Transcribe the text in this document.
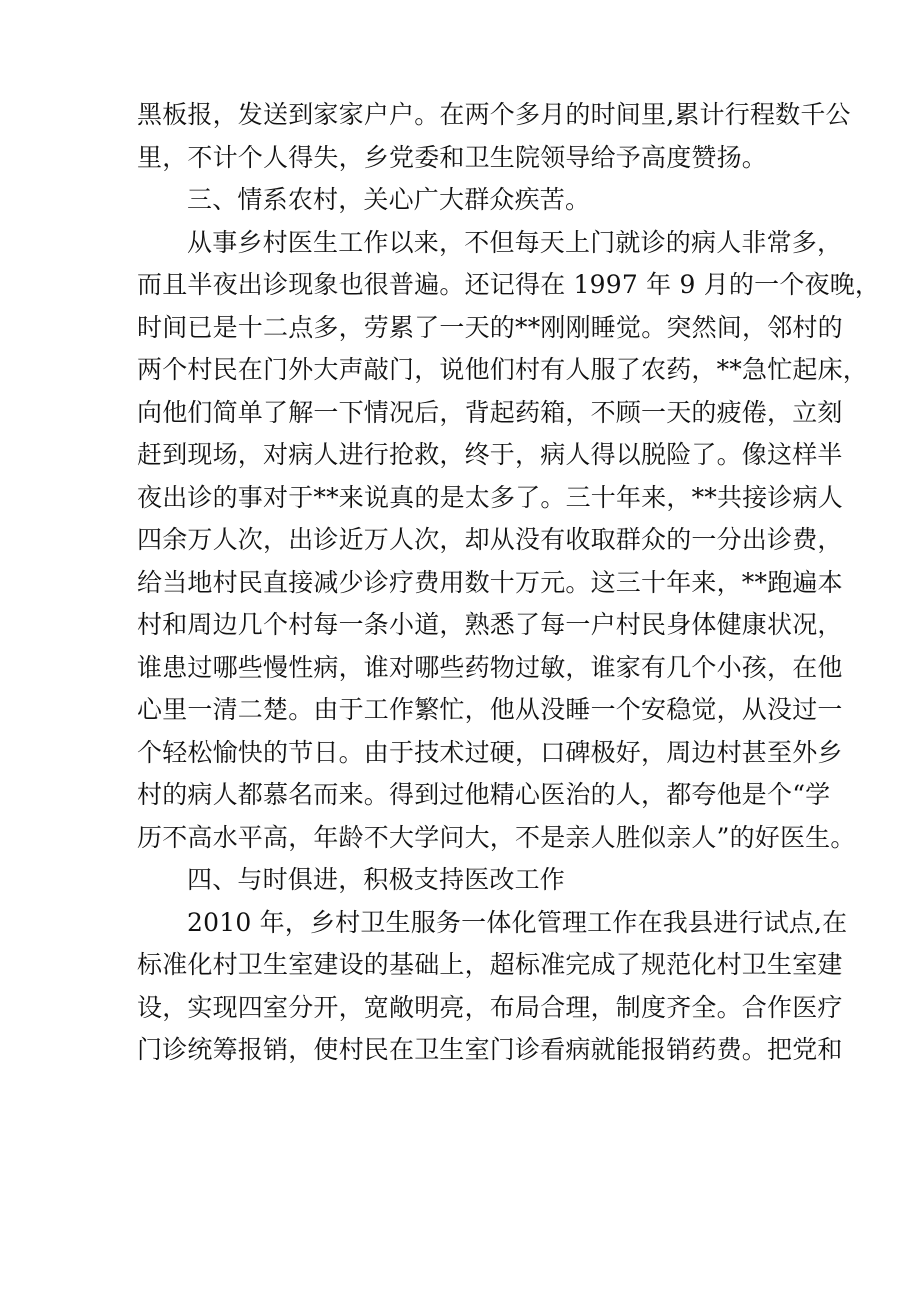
黑板报，发送到家家户户。在两个多月的时间里,累计行程数千公
里，不计个人得失，乡党委和卫生院领导给予高度赞扬。
三、情系农村，关心广大群众疾苦。
从事乡村医生工作以来，不但每天上门就诊的病人非常多，
而且半夜出诊现象也很普遍。还记得在 1997 年 9 月的一个夜晚，
时间已是十二点多，劳累了一天的**刚刚睡觉。突然间，邻村的
两个村民在门外大声敲门，说他们村有人服了农药，**急忙起床，
向他们简单了解一下情况后，背起药箱，不顾一天的疲倦，立刻
赶到现场，对病人进行抢救，终于，病人得以脱险了。像这样半
夜出诊的事对于**来说真的是太多了。三十年来，**共接诊病人
四余万人次，出诊近万人次，却从没有收取群众的一分出诊费，
给当地村民直接减少诊疗费用数十万元。这三十年来，**跑遍本
村和周边几个村每一条小道，熟悉了每一户村民身体健康状况，
谁患过哪些慢性病，谁对哪些药物过敏，谁家有几个小孩，在他
心里一清二楚。由于工作繁忙，他从没睡一个安稳觉，从没过一
个轻松愉快的节日。由于技术过硬，口碑极好，周边村甚至外乡
村的病人都慕名而来。得到过他精心医治的人，都夸他是个“学
历不高水平高，年龄不大学问大，不是亲人胜似亲人”的好医生。
四、与时俱进，积极支持医改工作
2010 年，乡村卫生服务一体化管理工作在我县进行试点,在
标准化村卫生室建设的基础上，超标准完成了规范化村卫生室建
设，实现四室分开，宽敞明亮，布局合理，制度齐全。合作医疗
门诊统筹报销，使村民在卫生室门诊看病就能报销药费。把党和
